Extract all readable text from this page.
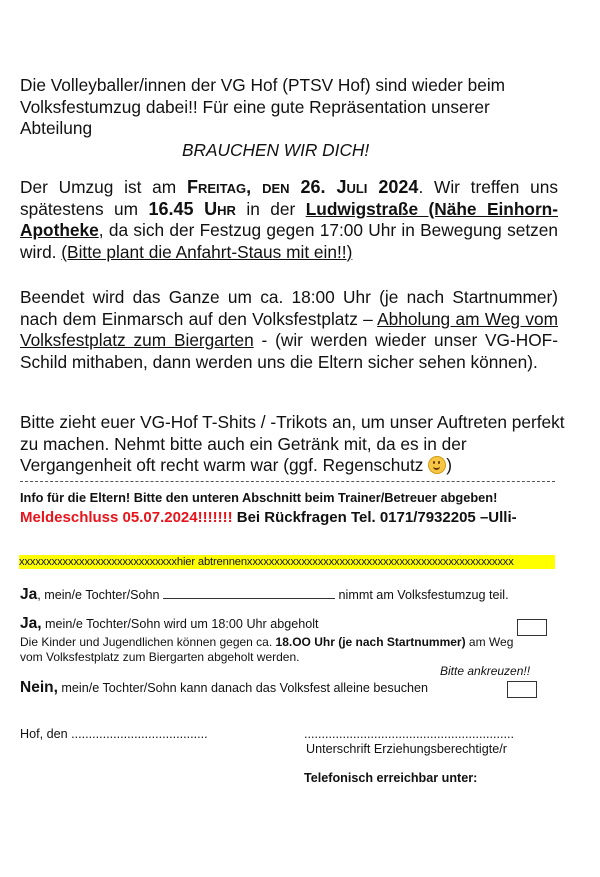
Die Volleyballer/innen der VG Hof (PTSV Hof) sind wieder beim
Volksfestumzug dabei!! Für eine gute Repräsentation unserer
Abteilung
BRAUCHEN WIR DICH!
Der Umzug ist am Freitag, den 26. Juli 2024. Wir treffen uns spätestens um 16.45 Uhr in der Ludwigstraße (Nähe Einhorn-Apotheke, da sich der Festzug gegen 17:00 Uhr in Bewegung setzen wird. (Bitte plant die Anfahrt-Staus mit ein!!)
Beendet wird das Ganze um ca. 18:00 Uhr (je nach Startnummer) nach dem Einmarsch auf den Volksfestplatz – Abholung am Weg vom Volksfestplatz zum Biergarten - (wir werden wieder unser VG-HOF-Schild mithaben, dann werden uns die Eltern sicher sehen können).
Bitte zieht euer VG-Hof T-Shits / -Trikots an, um unser Auftreten perfekt zu machen. Nehmt bitte auch ein Getränk mit, da es in der Vergangenheit oft recht warm war (ggf. Regenschutz )
Info für die Eltern! Bitte den unteren Abschnitt beim Trainer/Betreuer abgeben!
Meldeschluss 05.07.2024!!!!!!! Bei Rückfragen Tel. 0171/7932205 –Ulli-
xxxxxxxxxxxxxxxxxxxxxxxxxxxxxhier abtrennenxxxxxxxxxxxxxxxxxxxxxxxxxxxxxxxxxxxxxxxxxxxxxxxxx
Ja, mein/e Tochter/Sohn	nimmt am Volksfestumzug teil.
Ja, mein/e Tochter/Sohn wird um 18:00 Uhr abgeholt
Die Kinder und Jugendlichen können gegen ca. 18.OO Uhr (je nach Startnummer) am Weg
vom Volksfestplatz zum Biergarten abgeholt werden.
Bitte ankreuzen!!
Nein, mein/e Tochter/Sohn kann danach das Volksfest alleine besuchen
Hof, den .......................................	............................................................
Unterschrift Erziehungsberechtigte/r
Telefonisch erreichbar unter:
